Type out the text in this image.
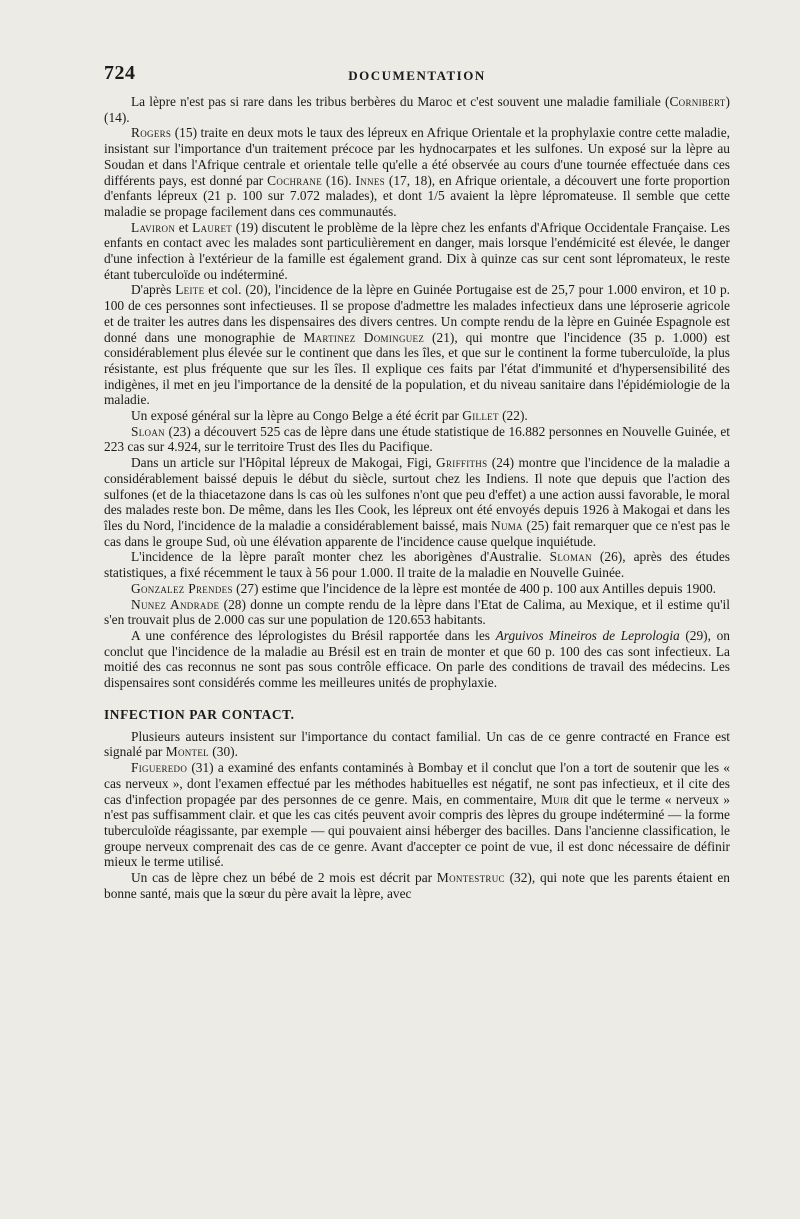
724	DOCUMENTATION

La lèpre n'est pas si rare dans les tribus berbères du Maroc et c'est souvent une maladie familiale (Cornibert) (14).

Rogers (15) traite en deux mots le taux des lépreux en Afrique Orientale et la prophylaxie contre cette maladie, insistant sur l'importance d'un traitement précoce par les hydnocarpates et les sulfones. Un exposé sur la lèpre au Soudan et dans l'Afrique centrale et orientale telle qu'elle a été observée au cours d'une tournée effectuée dans ces différents pays, est donné par Cochrane (16). Innes (17, 18), en Afrique orientale, a découvert une forte proportion d'enfants lépreux (21 p. 100 sur 7.072 malades), et dont 1/5 avaient la lèpre lépromateuse. Il semble que cette maladie se propage facilement dans ces communautés.

Laviron et Lauret (19) discutent le problème de la lèpre chez les enfants d'Afrique Occidentale Française. Les enfants en contact avec les malades sont particulièrement en danger, mais lorsque l'endémicité est élevée, le danger d'une infection à l'extérieur de la famille est également grand. Dix à quinze cas sur cent sont lépromateux, le reste étant tuberculoïde ou indéterminé.

D'après Leite et col. (20), l'incidence de la lèpre en Guinée Portugaise est de 25,7 pour 1.000 environ, et 10 p. 100 de ces personnes sont infectieuses. Il se propose d'admettre les malades infectieux dans une léproserie agricole et de traiter les autres dans les dispensaires des divers centres. Un compte rendu de la lèpre en Guinée Espagnole est donné dans une monographie de Martinez Dominguez (21), qui montre que l'incidence (35 p. 1.000) est considérablement plus élevée sur le continent que dans les îles, et que sur le continent la forme tuberculoïde, la plus résistante, est plus fréquente que sur les îles. Il explique ces faits par l'état d'immunité et d'hypersensibilité des indigènes, il met en jeu l'importance de la densité de la population, et du niveau sanitaire dans l'épidémiologie de la maladie.

Un exposé général sur la lèpre au Congo Belge a été écrit par Gillet (22).

Sloan (23) a découvert 525 cas de lèpre dans une étude statistique de 16.882 personnes en Nouvelle Guinée, et 223 cas sur 4.924, sur le territoire Trust des Iles du Pacifique.

Dans un article sur l'Hôpital lépreux de Makogai, Figi, Griffiths (24) montre que l'incidence de la maladie a considérablement baissé depuis le début du siècle, surtout chez les Indiens. Il note que depuis que l'action des sulfones (et de la thiacetazone dans ls cas où les sulfones n'ont que peu d'effet) a une action aussi favorable, le moral des malades reste bon. De même, dans les Iles Cook, les lépreux ont été envoyés depuis 1926 à Makogai et dans les îles du Nord, l'incidence de la maladie a considérablement baissé, mais Numa (25) fait remarquer que ce n'est pas le cas dans le groupe Sud, où une élévation apparente de l'incidence cause quelque inquiétude.

L'incidence de la lèpre paraît monter chez les aborigènes d'Australie. Sloman (26), après des études statistiques, a fixé récemment le taux à 56 pour 1.000. Il traite de la maladie en Nouvelle Guinée.

Gonzalez Prendes (27) estime que l'incidence de la lèpre est montée de 400 p. 100 aux Antilles depuis 1900.

Nunez Andrade (28) donne un compte rendu de la lèpre dans l'Etat de Calima, au Mexique, et il estime qu'il s'en trouvait plus de 2.000 cas sur une population de 120.653 habitants.

A une conférence des léprologistes du Brésil rapportée dans les Arguivos Mineiros de Leprologia (29), on conclut que l'incidence de la maladie au Brésil est en train de monter et que 60 p. 100 des cas sont infectieux. La moitié des cas reconnus ne sont pas sous contrôle efficace. On parle des conditions de travail des médecins. Les dispensaires sont considérés comme les meilleures unités de prophylaxie.

INFECTION PAR CONTACT.

Plusieurs auteurs insistent sur l'importance du contact familial. Un cas de ce genre contracté en France est signalé par Montel (30).

Figueredo (31) a examiné des enfants contaminés à Bombay et il conclut que l'on a tort de soutenir que les « cas nerveux », dont l'examen effectué par les méthodes habituelles est négatif, ne sont pas infectieux, et il cite des cas d'infection propagée par des personnes de ce genre. Mais, en commentaire, Muir dit que le terme « nerveux » n'est pas suffisamment clair. et que les cas cités peuvent avoir compris des lèpres du groupe indéterminé — la forme tuberculoïde réagissante, par exemple — qui pouvaient ainsi héberger des bacilles. Dans l'ancienne classification, le groupe nerveux comprenait des cas de ce genre. Avant d'accepter ce point de vue, il est donc nécessaire de définir mieux le terme utilisé.

Un cas de lèpre chez un bébé de 2 mois est décrit par Montestruc (32), qui note que les parents étaient en bonne santé, mais que la sœur du père avait la lèpre, avec
